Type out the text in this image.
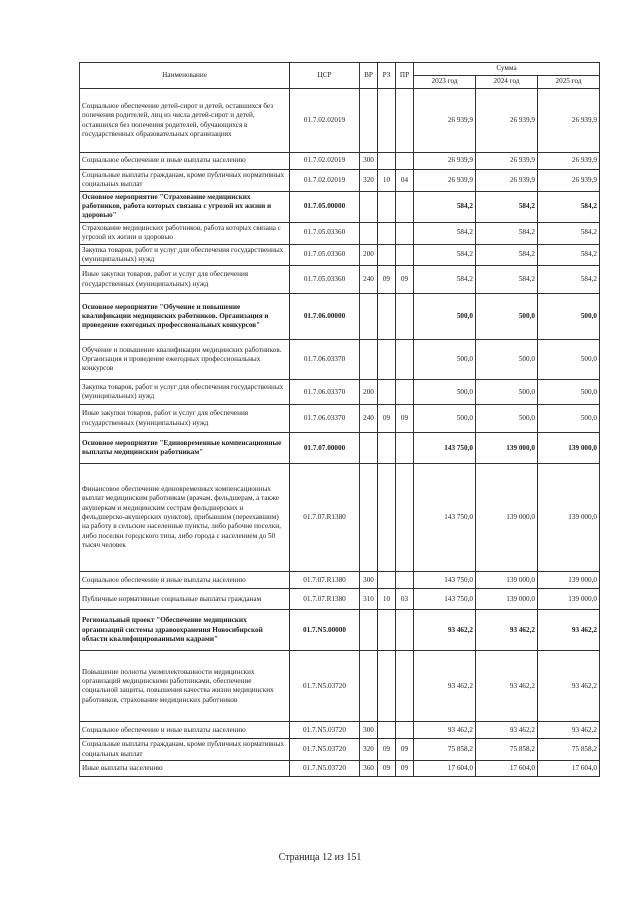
Наименование	ЦСР	ВР	РЗ	ПР	Сумма		
					2023 год	2024 год	2025 год
Социальное обеспечение детей-сирот и детей, оставшихся без попечения родителей, лиц из числа детей-сирот и детей, оставшихся без попечения родителей, обучающихся в государственных образовательных организациях	01.7.02.02019				26 939,9	26 939,9	26 939,9
Социальное обеспечение и иные выплаты населению	01.7.02.02019	300			26 939,9	26 939,9	26 939,9
Социальные выплаты гражданам, кроме публичных нормативных социальных выплат	01.7.02.02019	320	10	04	26 939,9	26 939,9	26 939,9
Основное мероприятие "Страхование медицинских работников, работа которых связана с угрозой их жизни и здоровью"	01.7.05.00000				584,2	584,2	584,2
Страхование медицинских работников, работа которых связана с угрозой их жизни и здоровью	01.7.05.03360				584,2	584,2	584,2
Закупка товаров, работ и услуг для обеспечения государственных (муниципальных) нужд	01.7.05.03360	200			584,2	584,2	584,2
Иные закупки товаров, работ и услуг для обеспечения государственных (муниципальных) нужд	01.7.05.03360	240	09	09	584,2	584,2	584,2
Основное мероприятие "Обучение и повышение квалификации медицинских работников. Организация и проведение ежегодных профессиональных конкурсов"	01.7.06.00000				500,0	500,0	500,0
Обучение и повышение квалификации медицинских работников. Организация и проведение ежегодных профессиональных конкурсов	01.7.06.03370				500,0	500,0	500,0
Закупка товаров, работ и услуг для обеспечения государственных (муниципальных) нужд	01.7.06.03370	200			500,0	500,0	500,0
Иные закупки товаров, работ и услуг для обеспечения государственных (муниципальных) нужд	01.7.06.03370	240	09	09	500,0	500,0	500,0
Основное мероприятие "Единовременные компенсационные выплаты медицинским работникам"	01.7.07.00000				143 750,0	139 000,0	139 000,0
Финансовое обеспечение единовременных компенсационных выплат медицинским работникам (врачам, фельдшерам, а также акушеркам и медицинским сестрам фельдшерских и фельдшерско-акушерских пунктов), прибывшим (переехавшим) на работу в сельские населенные пункты, либо рабочие поселки, либо поселки городского типа, либо города с населением до 50 тысяч человек	01.7.07.R1380				143 750,0	139 000,0	139 000,0
Социальное обеспечение и иные выплаты населению	01.7.07.R1380	300			143 750,0	139 000,0	139 000,0
Публичные нормативные социальные выплаты гражданам	01.7.07.R1380	310	10	03	143 750,0	139 000,0	139 000,0
Региональный проект "Обеспечение медицинских организаций системы здравоохранения Новосибирской области квалифицированными кадрами"	01.7.N5.00000				93 462,2	93 462,2	93 462,2
Повышение полноты укомплектованности медицинских организаций медицинскими работниками, обеспечение социальной защиты, повышения качества жизни медицинских работников, страхование медицинских работников	01.7.N5.03720				93 462,2	93 462,2	93 462,2
Социальное обеспечение и иные выплаты населению	01.7.N5.03720	300			93 462,2	93 462,2	93 462,2
Социальные выплаты гражданам, кроме публичных нормативных социальных выплат	01.7.N5.03720	320	09	09	75 858,2	75 858,2	75 858,2
Иные выплаты населению	01.7.N5.03720	360	09	09	17 604,0	17 604,0	17 604,0
Страница 12 из 151
